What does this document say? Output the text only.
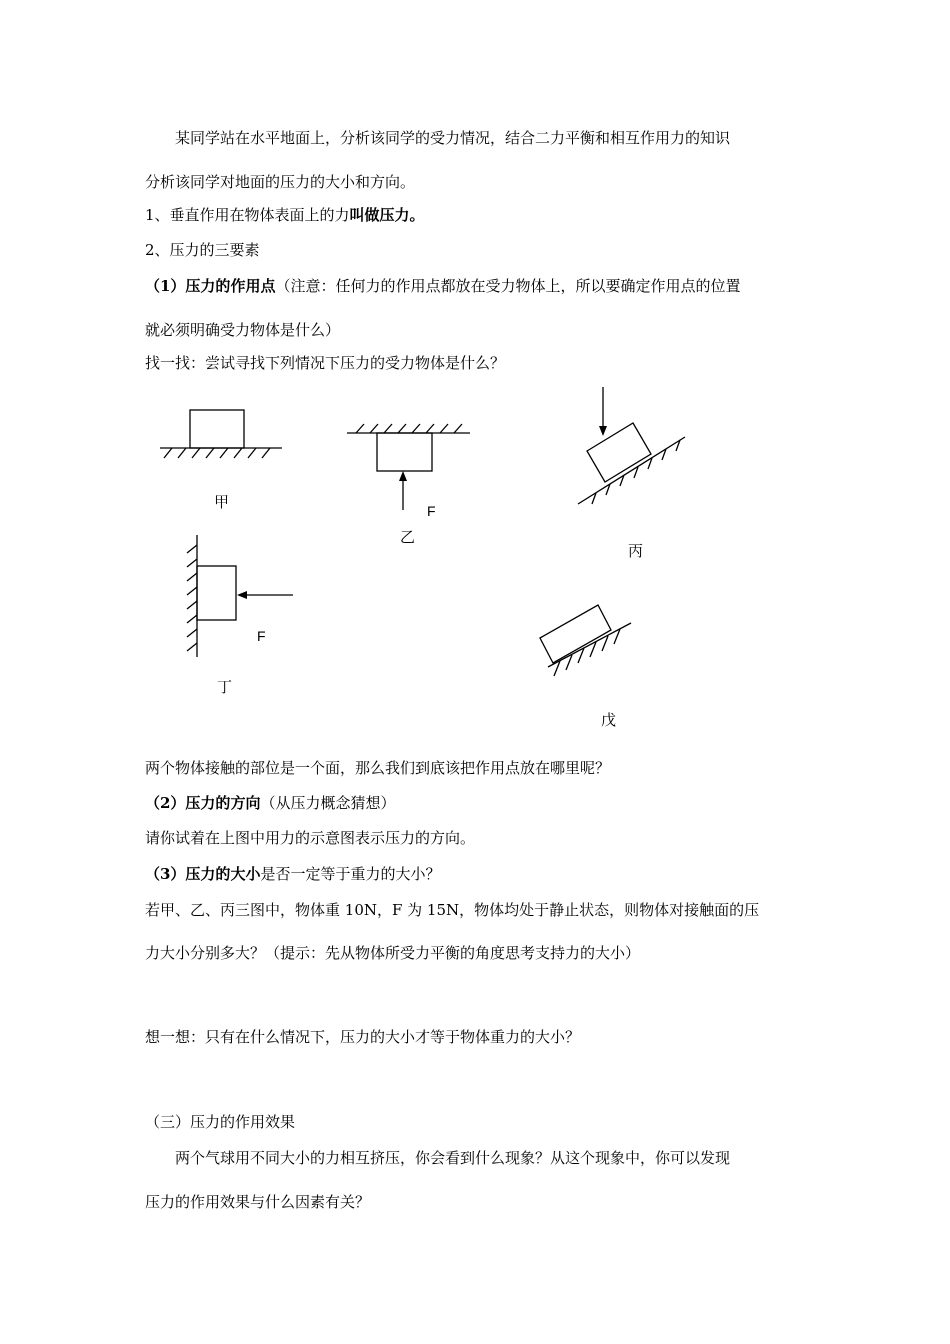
某同学站在水平地面上，分析该同学的受力情况，结合二力平衡和相互作用力的知识
分析该同学对地面的压力的大小和方向。
1、垂直作用在物体表面上的力叫做压力。
2、压力的三要素
（1）压力的作用点（注意：任何力的作用点都放在受力物体上，所以要确定作用点的位置
就必须明确受力物体是什么）
找一找：尝试寻找下列情况下压力的受力物体是什么？
甲	F
乙
丙
F
丁
戊
两个物体接触的部位是一个面，那么我们到底该把作用点放在哪里呢？
（2）压力的方向（从压力概念猜想）
请你试着在上图中用力的示意图表示压力的方向。
（3）压力的大小是否一定等于重力的大小？
若甲、乙、丙三图中，物体重 10N，F 为 15N，物体均处于静止状态，则物体对接触面的压
力大小分别多大？（提示：先从物体所受力平衡的角度思考支持力的大小）
想一想：只有在什么情况下，压力的大小才等于物体重力的大小？
（三）压力的作用效果
两个气球用不同大小的力相互挤压，你会看到什么现象？从这个现象中，你可以发现
压力的作用效果与什么因素有关？
